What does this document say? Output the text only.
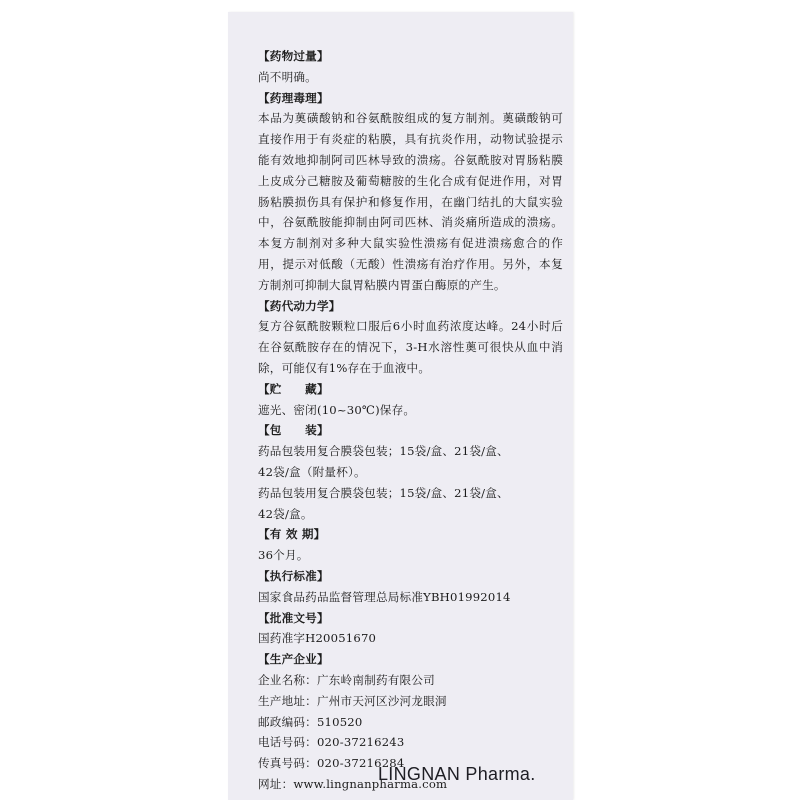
【药物过量】

尚不明确。

【药理毒理】

本品为薁磺酸钠和谷氨酰胺组成的复方制剂。薁磺酸钠可直接作用于有炎症的粘膜，具有抗炎作用，动物试验提示能有效地抑制阿司匹林导致的溃疡。谷氨酰胺对胃肠粘膜上皮成分己糖胺及葡萄糖胺的生化合成有促进作用，对胃肠粘膜损伤具有保护和修复作用，在幽门结扎的大鼠实验中，谷氨酰胺能抑制由阿司匹林、消炎痛所造成的溃疡。本复方制剂对多种大鼠实验性溃疡有促进溃疡愈合的作用，提示对低酸（无酸）性溃疡有治疗作用。另外，本复方制剂可抑制大鼠胃粘膜内胃蛋白酶原的产生。

【药代动力学】

复方谷氨酰胺颗粒口服后6小时血药浓度达峰。24小时后在谷氨酰胺存在的情况下，3-H水溶性薁可很快从血中消除，可能仅有1%存在于血液中。

【贮　　藏】

遮光、密闭(10~30℃)保存。

【包　　装】

药品包装用复合膜袋包装；15袋/盒、21袋/盒、

42袋/盒（附量杯）。

药品包装用复合膜袋包装；15袋/盒、21袋/盒、

42袋/盒。

【有 效 期】

36个月。

【执行标准】

国家食品药品监督管理总局标准YBH01992014

【批准文号】

国药准字H20051670

【生产企业】

企业名称：广东岭南制药有限公司

生产地址：广州市天河区沙河龙眼洞

邮政编码：510520

电话号码：020-37216243

传真号码：020-37216284

网址：www.lingnanpharma.com

LINGNAN Pharma.
